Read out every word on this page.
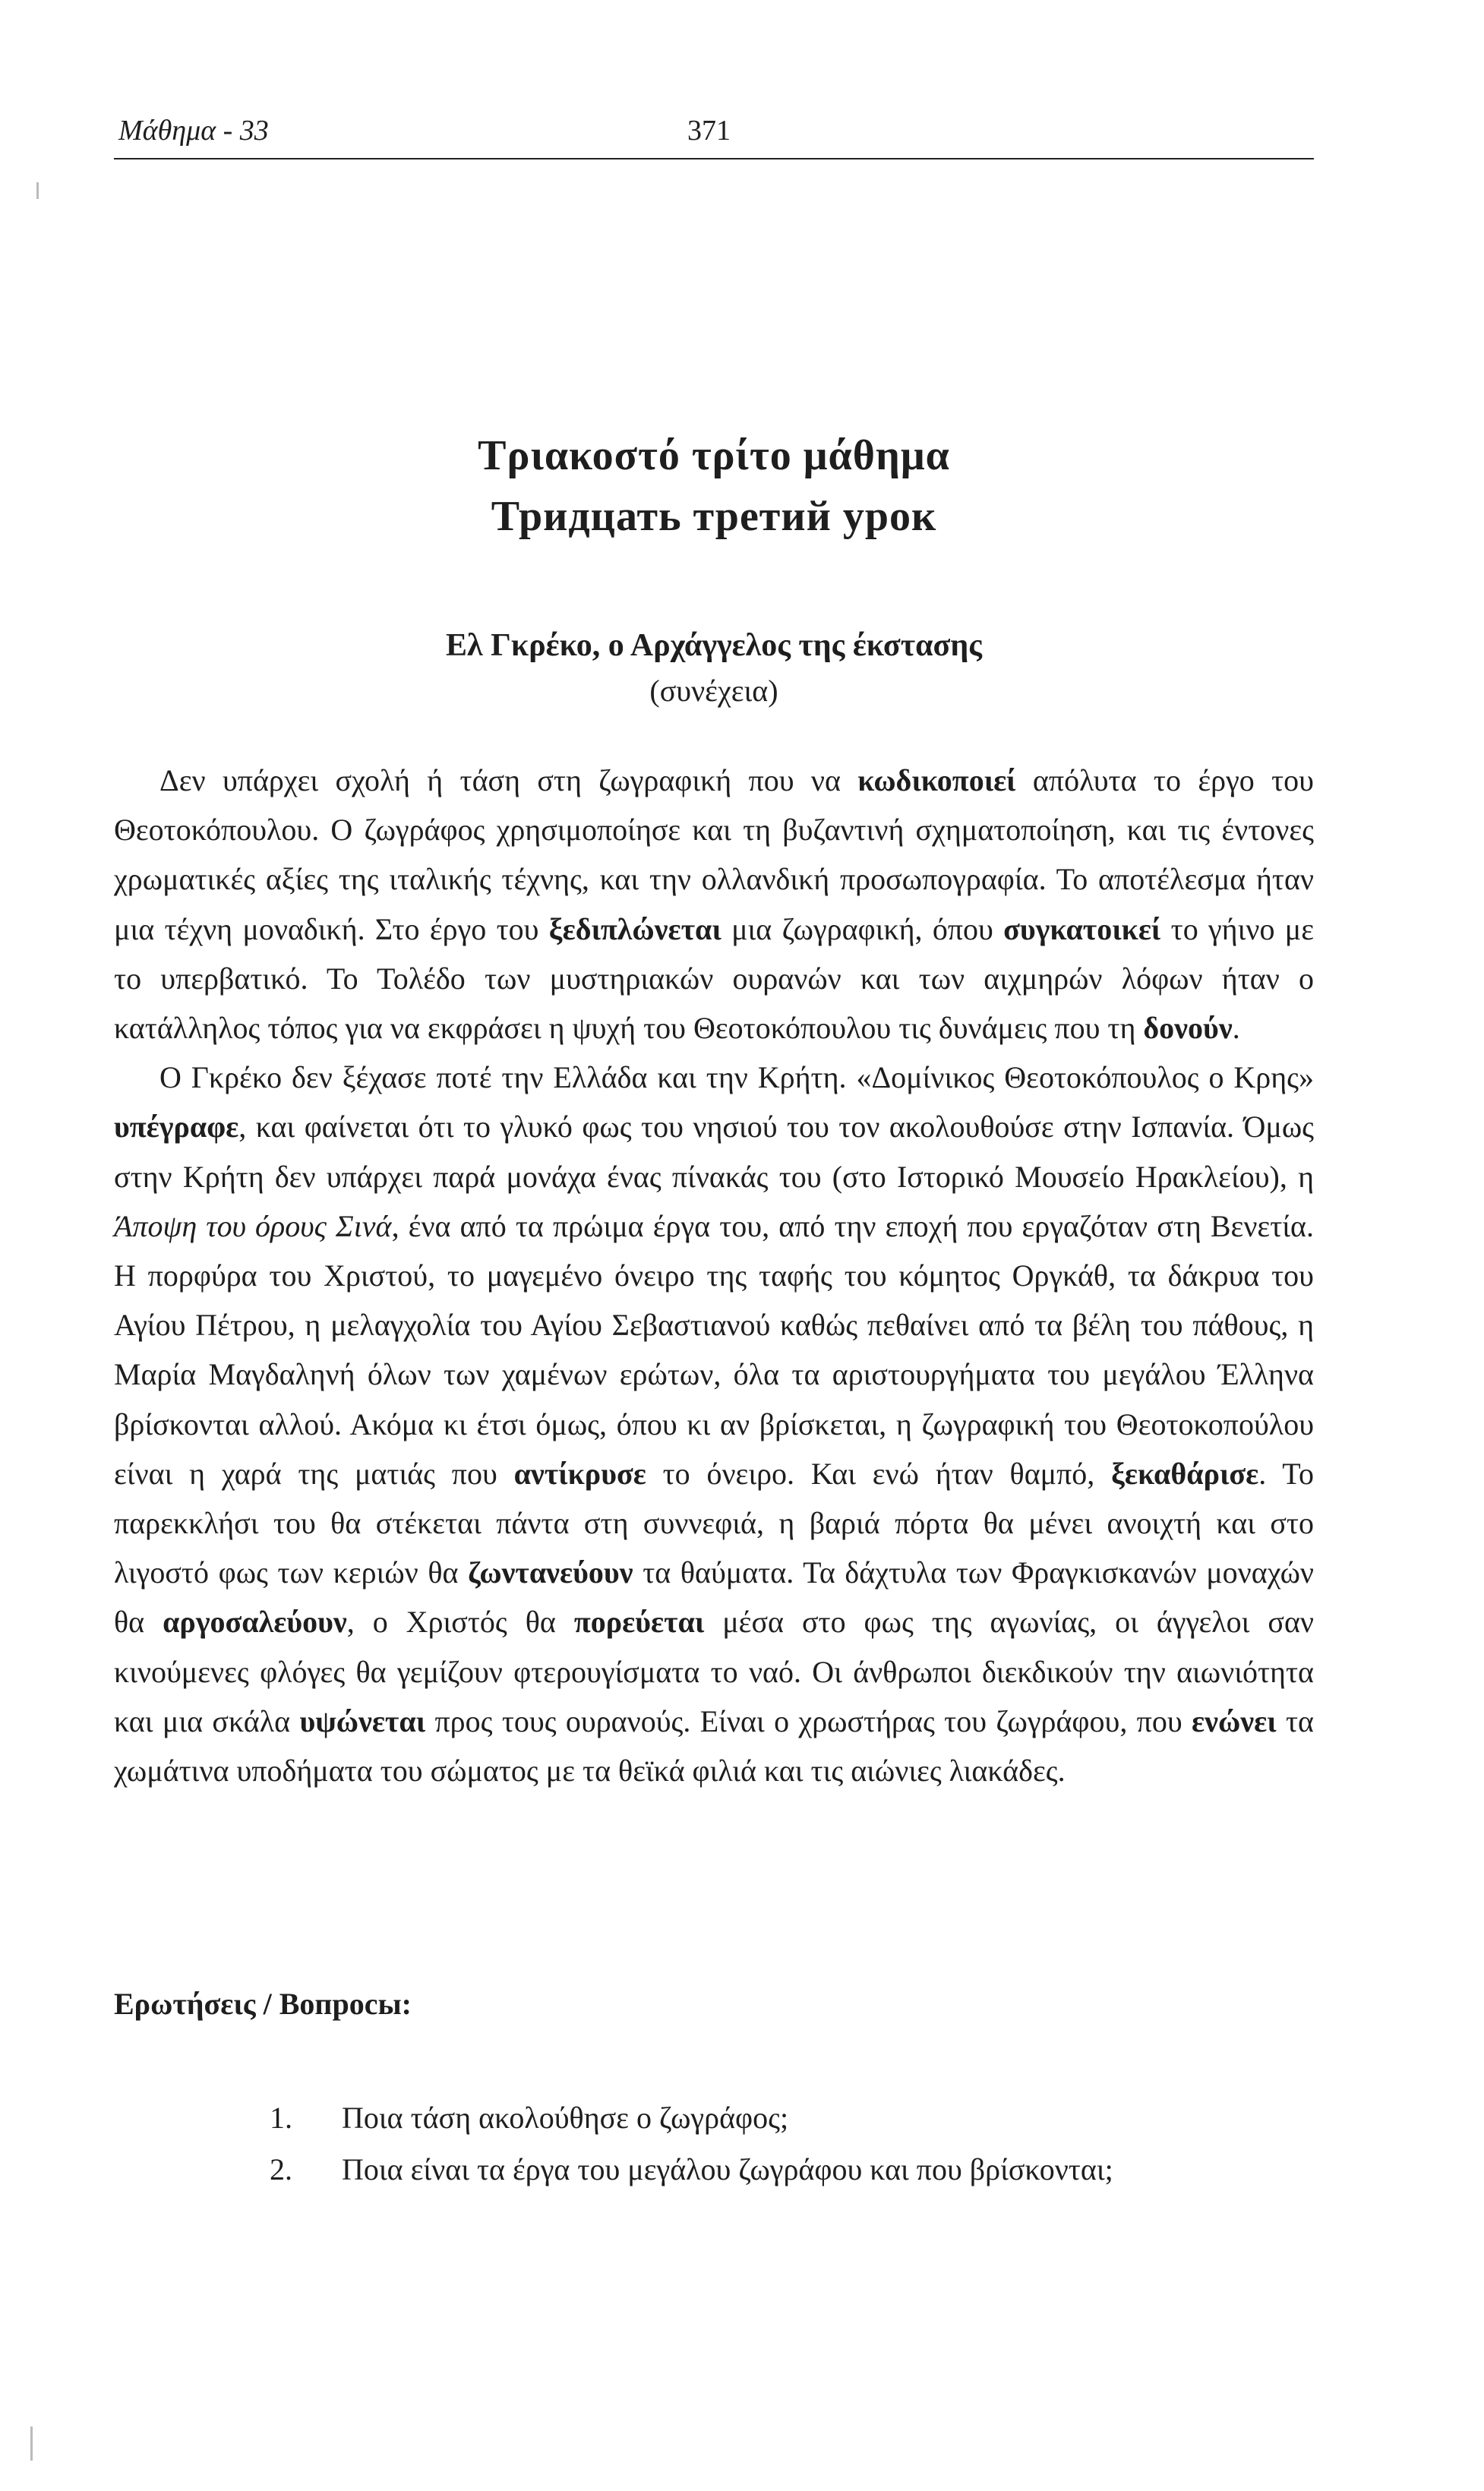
Μάθημα - 33	371
Τριακοστό τρίτο μάθημα
Тридцать третий урок
Ελ Γκρέκο, ο Αρχάγγελος της έκστασης
(συνέχεια)

Δεν υπάρχει σχολή ή τάση στη ζωγραφική που να κωδικοποιεί απόλυτα το έργο του Θεοτοκόπουλου. Ο ζωγράφος χρησιμοποίησε και τη βυζαντινή σχηματοποίηση, και τις έντονες χρωματικές αξίες της ιταλικής τέχνης, και την ολλανδική προσωπογραφία. Το αποτέλεσμα ήταν μια τέχνη μοναδική. Στο έργο του ξεδιπλώνεται μια ζωγραφική, όπου συγκατοικεί το γήινο με το υπερβατικό. Το Τολέδο των μυστηριακών ουρανών και των αιχμηρών λόφων ήταν ο κατάλληλος τόπος για να εκφράσει η ψυχή του Θεοτοκόπουλου τις δυνάμεις που τη δονούν.

Ο Γκρέκο δεν ξέχασε ποτέ την Ελλάδα και την Κρήτη. «Δομίνικος Θεοτοκόπουλος ο Κρης» υπέγραφε, και φαίνεται ότι το γλυκό φως του νησιού του τον ακολουθούσε στην Ισπανία. Όμως στην Κρήτη δεν υπάρχει παρά μονάχα ένας πίνακάς του (στο Ιστορικό Μουσείο Ηρακλείου), η Άποψη του όρους Σινά, ένα από τα πρώιμα έργα του, από την εποχή που εργαζόταν στη Βενετία. Η πορφύρα του Χριστού, το μαγεμένο όνειρο της ταφής του κόμητος Οργκάθ, τα δάκρυα του Αγίου Πέτρου, η μελαγχολία του Αγίου Σεβαστιανού καθώς πεθαίνει από τα βέλη του πάθους, η Μαρία Μαγδαληνή όλων των χαμένων ερώτων, όλα τα αριστουργήματα του μεγάλου Έλληνα βρίσκονται αλλού. Ακόμα κι έτσι όμως, όπου κι αν βρίσκεται, η ζωγραφική του Θεοτοκοπούλου είναι η χαρά της ματιάς που αντίκρυσε το όνειρο. Και ενώ ήταν θαμπό, ξεκαθάρισε. Το παρεκκλήσι του θα στέκεται πάντα στη συννεφιά, η βαριά πόρτα θα μένει ανοιχτή και στο λιγοστό φως των κεριών θα ζωντανεύουν τα θαύματα. Τα δάχτυλα των Φραγκισκανών μοναχών θα αργοσαλεύουν, ο Χριστός θα πορεύεται μέσα στο φως της αγωνίας, οι άγγελοι σαν κινούμενες φλόγες θα γεμίζουν φτερουγίσματα το ναό. Οι άνθρωποι διεκδικούν την αιωνιότητα και μια σκάλα υψώνεται προς τους ουρανούς. Είναι ο χρωστήρας του ζωγράφου, που ενώνει τα χωμάτινα υποδήματα του σώματος με τα θεϊκά φιλιά και τις αιώνιες λιακάδες.

Ερωτήσεις / Вопросы:
1.	Ποια τάση ακολούθησε ο ζωγράφος;
2.	Ποια είναι τα έργα του μεγάλου ζωγράφου και που βρίσκονται;
